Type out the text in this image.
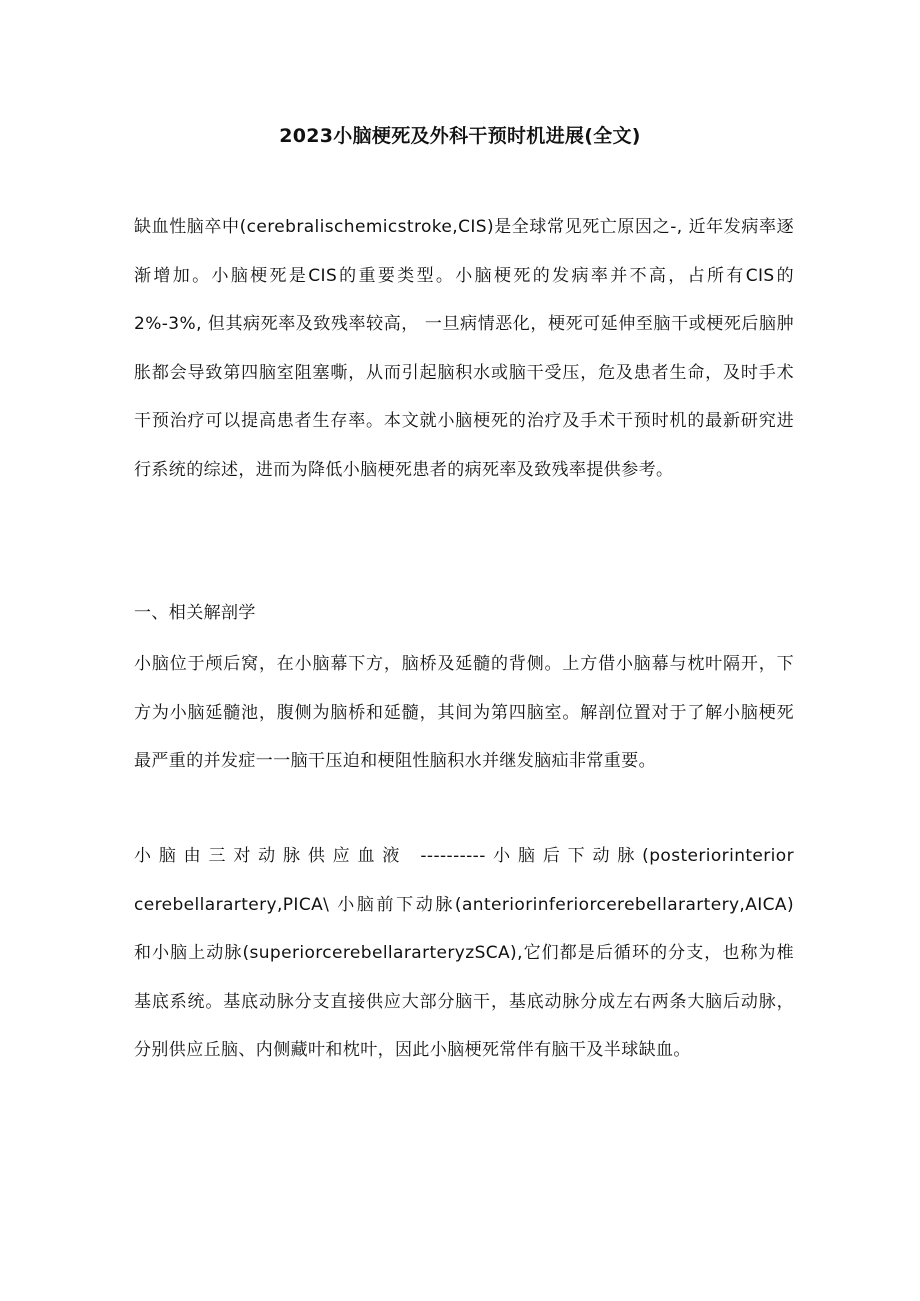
2023小脑梗死及外科干预时机进展(全文)

缺血性脑卒中(cerebralischemicstroke,CIS)是全球常见死亡原因之-, 近年发病率逐渐增加。小脑梗死是CIS的重要类型。小脑梗死的发病率并不高，占所有CIS的2%-3%, 但其病死率及致残率较高， 一旦病情恶化，梗死可延伸至脑干或梗死后脑肿胀都会导致第四脑室阻塞嘶，从而引起脑积水或脑干受压，危及患者生命，及时手术干预治疗可以提高患者生存率。本文就小脑梗死的治疗及手术干预时机的最新研究进行系统的综述，进而为降低小脑梗死患者的病死率及致残率提供参考。

一、相关解剖学

小脑位于颅后窝，在小脑幕下方，脑桥及延髓的背侧。上方借小脑幕与枕叶隔开，下方为小脑延髓池，腹侧为脑桥和延髓，其间为第四脑室。解剖位置对于了解小脑梗死最严重的并发症一一脑干压迫和梗阻性脑积水并继发脑疝非常重要。

小脑由三对动脉供应血液 ----------小脑后下动脉(posteriorinterior cerebellarartery,PICA\ 小脑前下动脉(anteriorinferiorcerebellarartery,AICA) 和小脑上动脉(superiorcerebellararteryzSCA),它们都是后循环的分支，也称为椎基底系统。基底动脉分支直接供应大部分脑干，基底动脉分成左右两条大脑后动脉，分别供应丘脑、内侧藏叶和枕叶，因此小脑梗死常伴有脑干及半球缺血。
